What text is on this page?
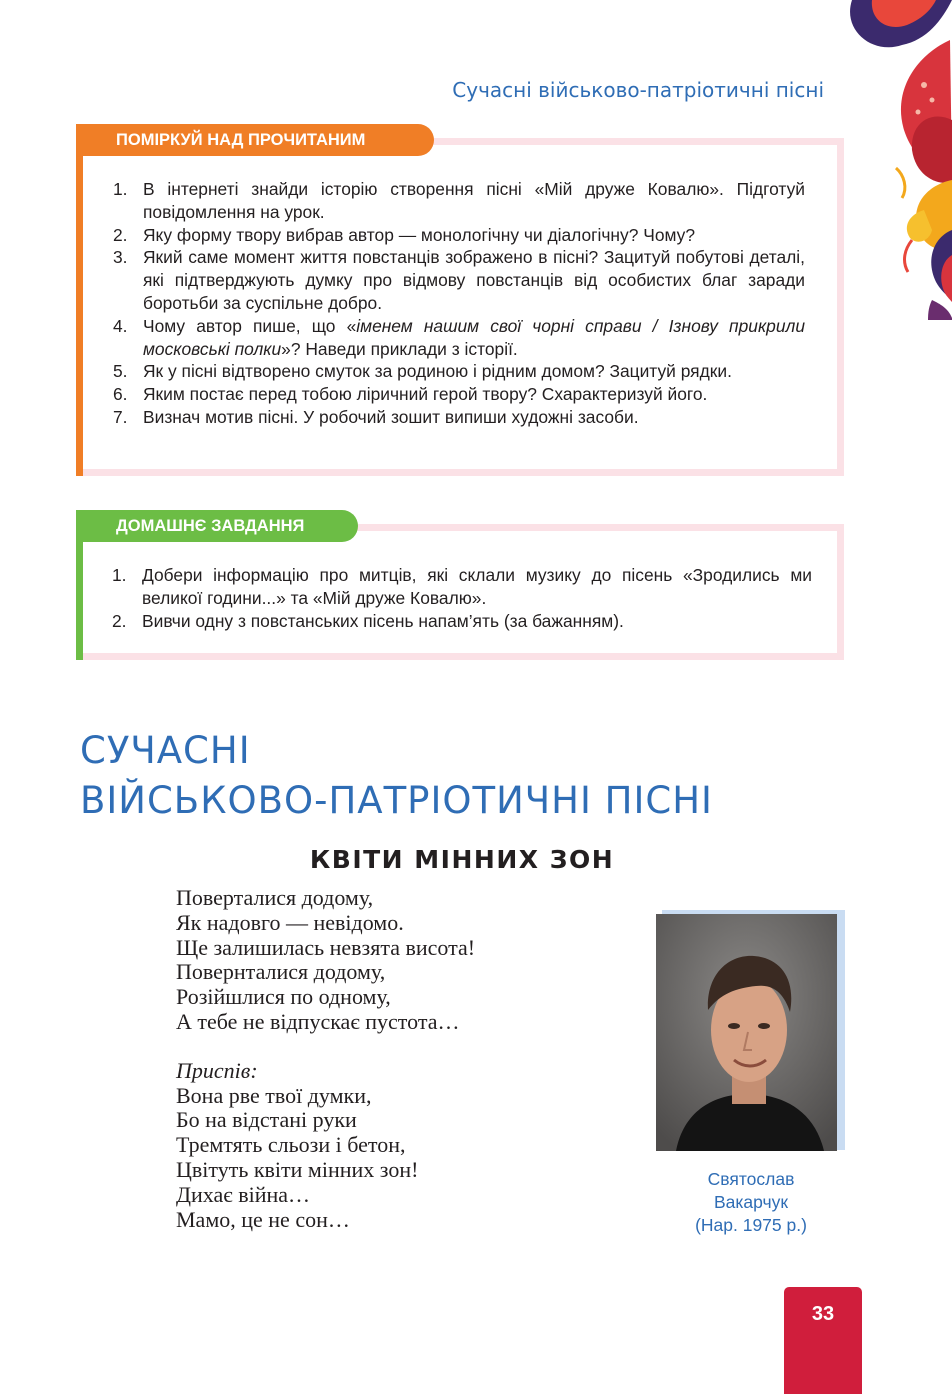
Сучасні військово-патріотичні пісні
ПОМІРКУЙ НАД ПРОЧИТАНИМ
1. В інтернеті знайди історію створення пісні «Мій друже Ковалю». Підготуй повідомлення на урок.
2. Яку форму твору вибрав автор — монологічну чи діалогічну? Чому?
3. Який саме момент життя повстанців зображено в пісні? Зацитуй побутові деталі, які підтверджують думку про відмову повстанців від особистих благ заради боротьби за суспільне добро.
4. Чому автор пише, що «іменем нашим свої чорні справи / Ізнову прикрили московські полки»? Наведи приклади з історії.
5. Як у пісні відтворено смуток за родиною і рідним домом? Зацитуй рядки.
6. Яким постає перед тобою ліричний герой твору? Схарактеризуй його.
7. Визнач мотив пісні. У робочий зошит випиши художні засоби.
ДОМАШНЄ ЗАВДАННЯ
1. Добери інформацію про митців, які склали музику до пісень «Зродились ми великої години...» та «Мій друже Ковалю».
2. Вивчи одну з повстанських пісень напам’ять (за бажанням).
СУЧАСНІ
ВІЙСЬКОВО-ПАТРІОТИЧНІ ПІСНІ
КВІТИ МІННИХ ЗОН
Поверталися додому,
Як надовго — невідомо.
Ще залишилась невзята висота!
Повернталися додому,
Розійшлися по одному,
А тебе не відпускає пустота…
Приспів:
Вона рве твої думки,
Бо на відстані руки
Тремтять сльози і бетон,
Цвітуть квіти мінних зон!
Дихає війна…
Мамо, це не сон…
Святослав
Вакарчук
(Нар. 1975 р.)
33
